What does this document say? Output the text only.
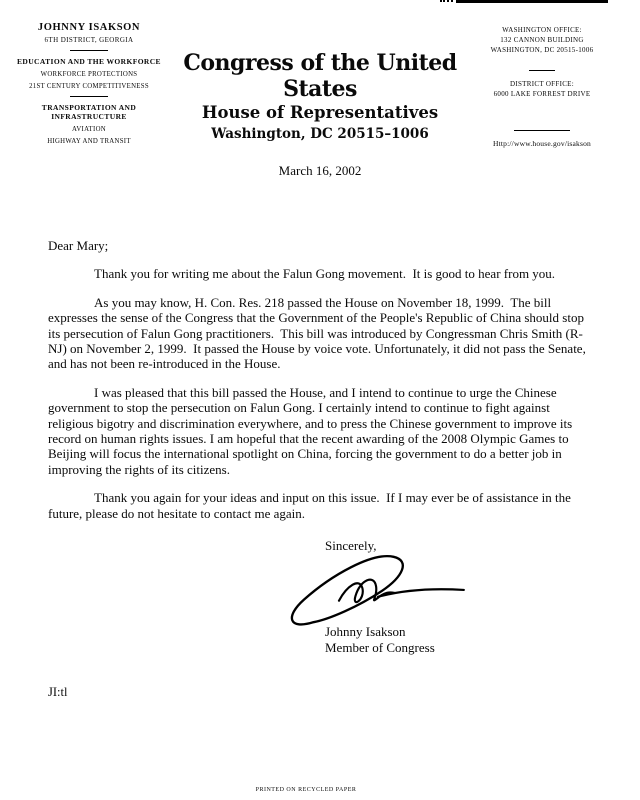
JOHNNY ISAKSON
6TH DISTRICT, GEORGIA
EDUCATION AND THE WORKFORCE
WORKFORCE PROTECTIONS
21ST CENTURY COMPETITIVENESS
TRANSPORTATION AND INFRASTRUCTURE
AVIATION
HIGHWAY AND TRANSIT
Congress of the United States
House of Representatives
Washington, DC 20515–1006
March 16, 2002
WASHINGTON OFFICE:
132 CANNON BUILDING
WASHINGTON, DC 20515-1006
DISTRICT OFFICE:
6000 LAKE FORREST DRIVE
Http://www.house.gov/isakson

Dear Mary;

Thank you for writing me about the Falun Gong movement.  It is good to hear from you.

As you may know, H. Con. Res. 218 passed the House on November 18, 1999.  The bill expresses the sense of the Congress that the Government of the People's Republic of China should stop its persecution of Falun Gong practitioners.  This bill was introduced by Congressman Chris Smith (R-NJ) on November 2, 1999.  It passed the House by voice vote. Unfortunately, it did not pass the Senate, and has not been re-introduced in the House.

I was pleased that this bill passed the House, and I intend to continue to urge the Chinese government to stop the persecution on Falun Gong. I certainly intend to continue to fight against religious bigotry and discrimination everywhere, and to press the Chinese government to improve its record on human rights issues. I am hopeful that the recent awarding of the 2008 Olympic Games to Beijing will focus the international spotlight on China, forcing the government to do a better job in improving the rights of its citizens.

Thank you again for your ideas and input on this issue.  If I may ever be of assistance in the future, please do not hesitate to contact me again.

Sincerely,
Johnny Isakson
Member of Congress
JI:tl
PRINTED ON RECYCLED PAPER
